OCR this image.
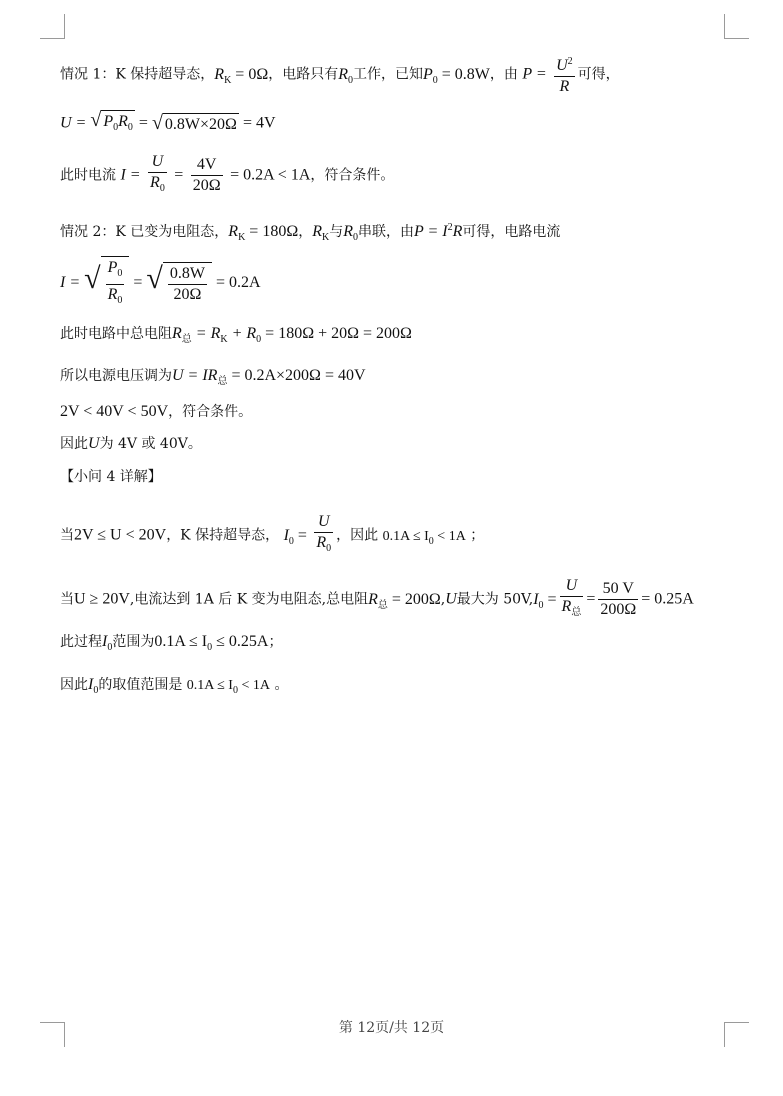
情况 1：K 保持超导态，$R_K = 0\Omega$，电路只有$R_0$工作，已知$P_0 = 0.8W$，由 $P = \frac{U^2}{R}$ 可得，
U = √ $P_0R_0$ = √ 0.8W×20Ω = 4V
此时电流 $I = \frac{U}{R_0} = \frac{4V}{20\Omega} = 0.2A < 1A$，符合条件。
情况 2：K 已变为电阻态，$R_K = 180\Omega$，$R_K$与$R_0$串联，由$P = I^2R$可得，电路电流
I = √ $\frac{P_0}{R_0}$ = √ $\frac{0.8W}{20\Omega} = 0.2A$
此时电路中总电阻$R_总 = R_K + R_0 = 180\Omega + 20\Omega = 200\Omega$
所以电源电压调为$U = IR_总 = 0.2A\times 200\Omega = 40V$
2V < 40V < 50V，符合条件。
因此U为 4V 或 40V。
【小问 4 详解】
当2V ≤ U < 20V，K 保持超导态， $I_0 = \frac{U}{R_0}$ ，因此 $0.1A \le I_0 < 1A$ ；
当U ≥ 20V,电流达到 1A 后 K 变为电阻态,总电阻$R_总 = 200\Omega,U$最大为 $50V,I_0 = \frac{U}{R_总} = \frac{50 V}{200\Omega} = 0.25A$
此过程$I_0$范围为$0.1A \le I_0 \le 0.25A$；
因此$I_0$的取值范围是 $0.1A \le I_0 < 1A$ 。
第 12页/共 12页
